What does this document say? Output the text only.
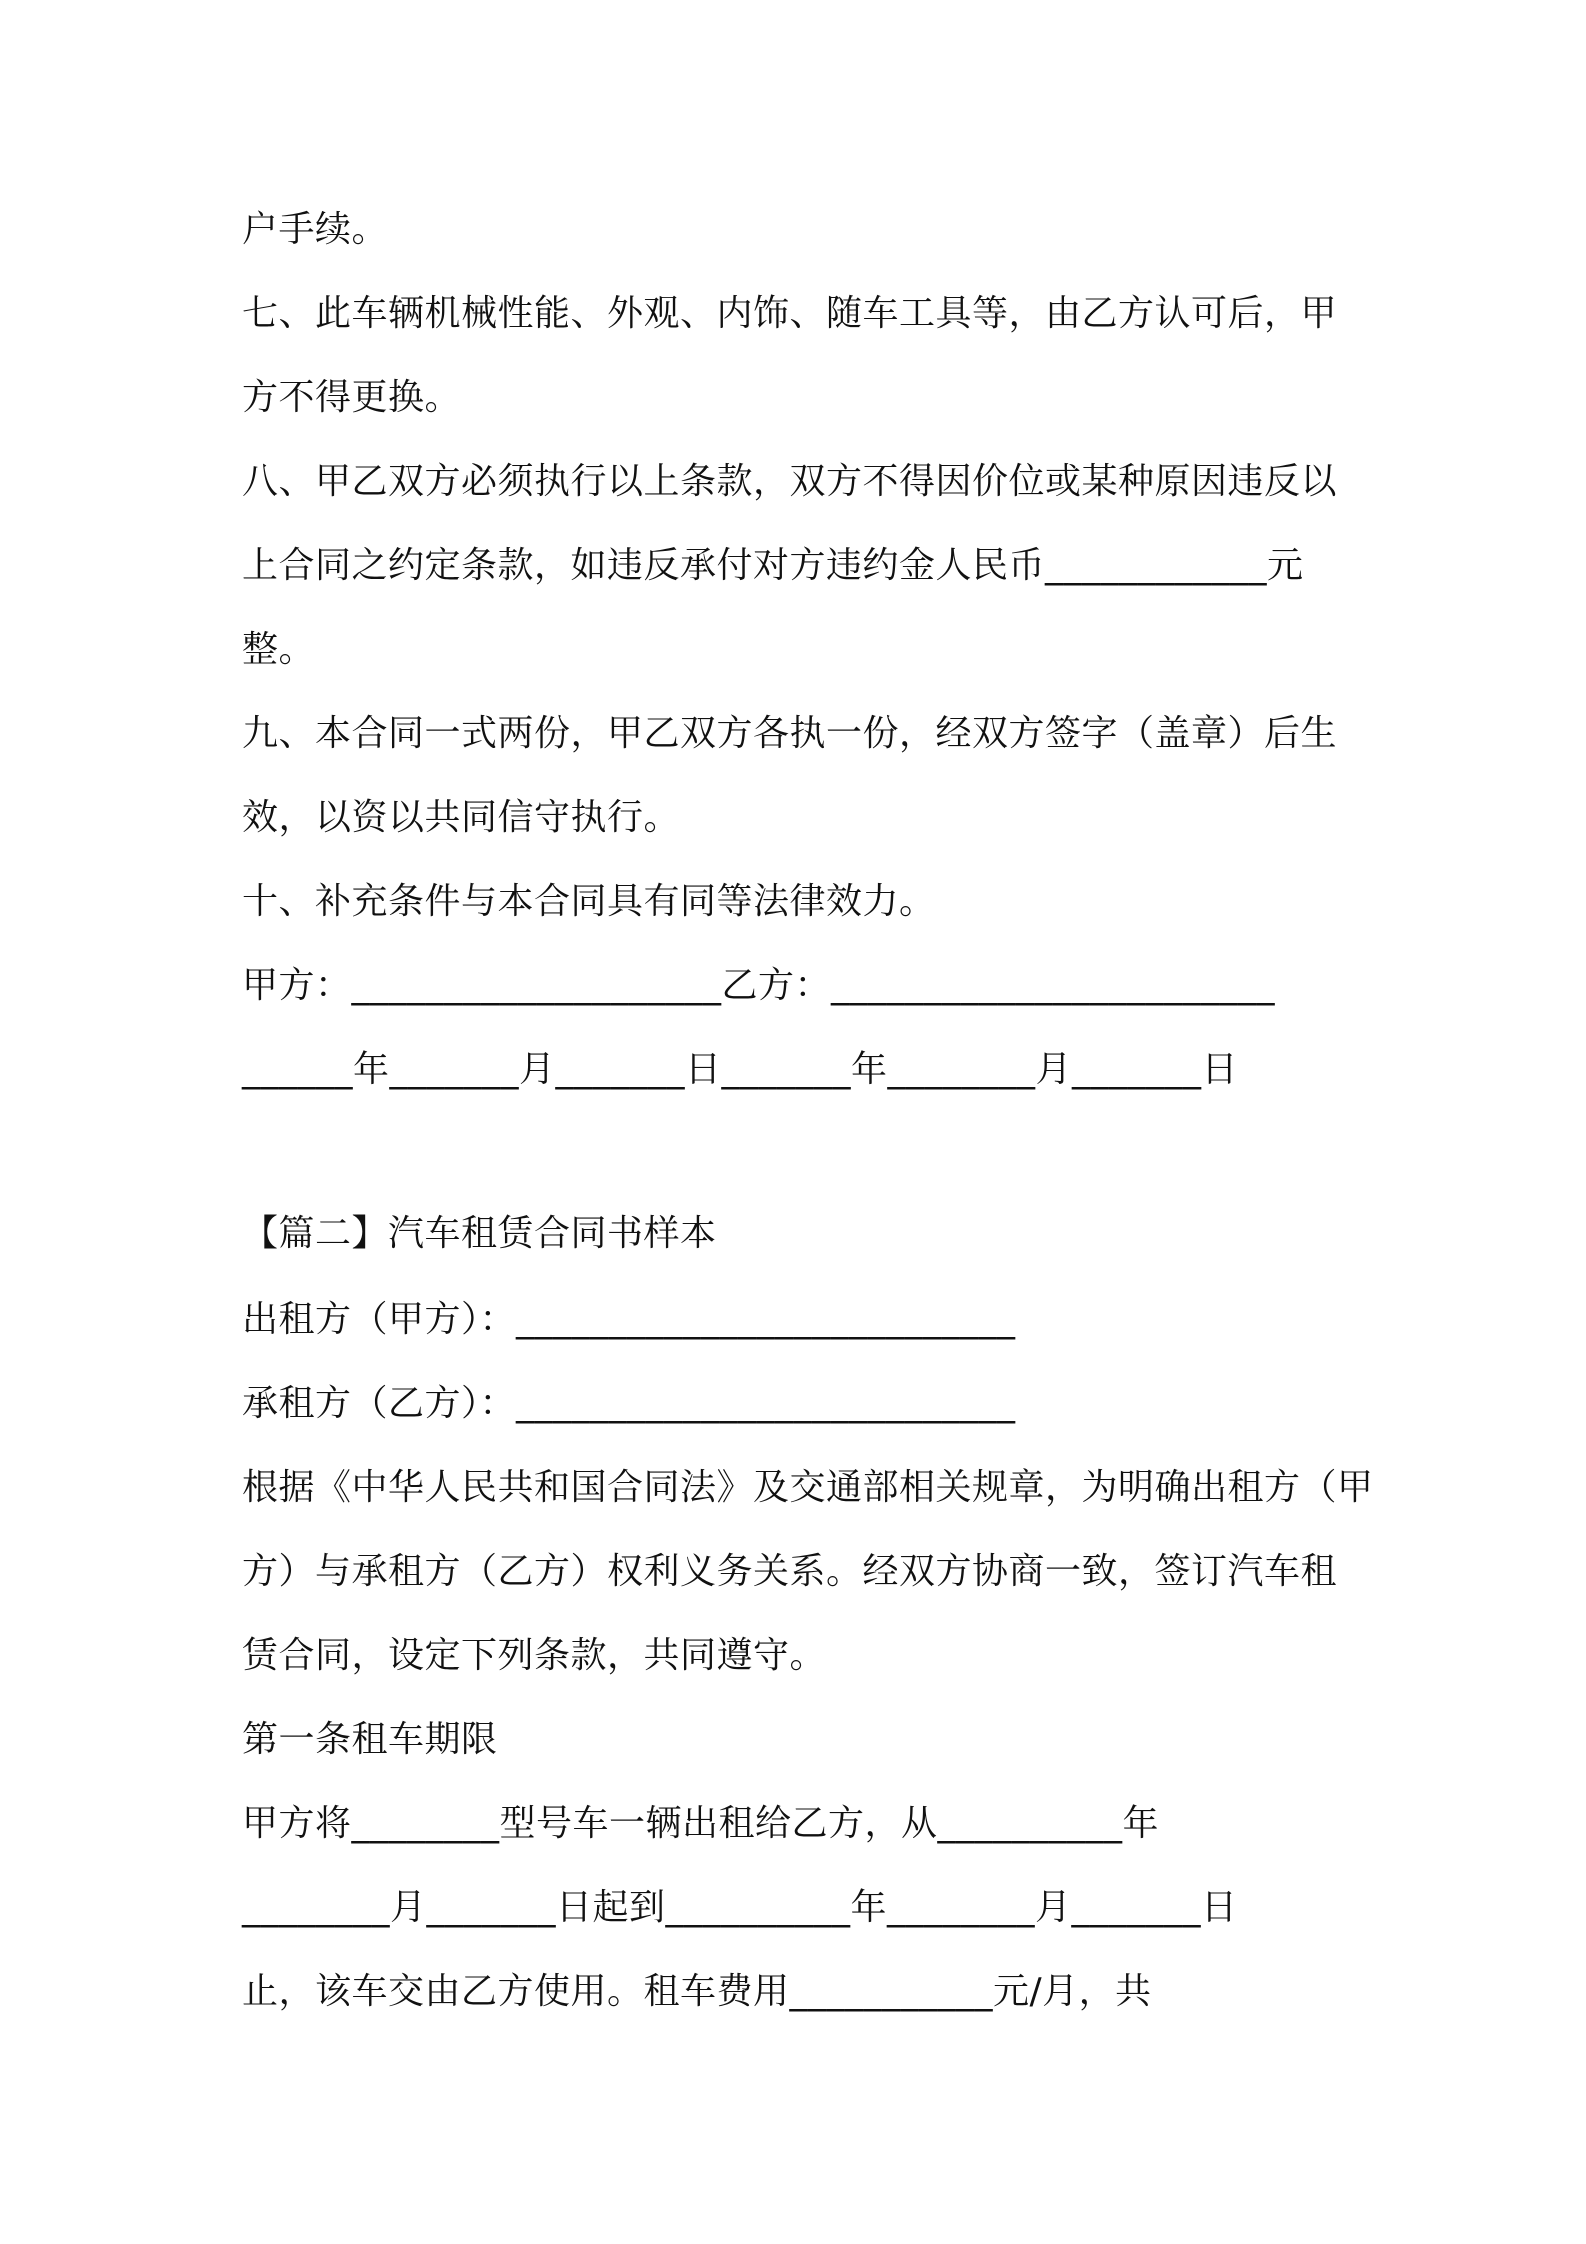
户手续。
七、此车辆机械性能、外观、内饰、随车工具等，由乙方认可后，甲
方不得更换。
八、甲乙双方必须执行以上条款，双方不得因价位或某种原因违反以
上合同之约定条款，如违反承付对方违约金人民币____________元
整。
九、本合同一式两份，甲乙双方各执一份，经双方签字（盖章）后生
效，以资以共同信守执行。
十、补充条件与本合同具有同等法律效力。
甲方：____________________乙方：________________________
______年_______月_______日_______年________月_______日
【篇二】汽车租赁合同书样本
出租方（甲方）：___________________________
承租方（乙方）：___________________________
根据《中华人民共和国合同法》及交通部相关规章，为明确出租方（甲
方）与承租方（乙方）权利义务关系。经双方协商一致，签订汽车租
赁合同，设定下列条款，共同遵守。
第一条租车期限
甲方将________型号车一辆出租给乙方，从__________年
________月_______日起到__________年________月_______日
止，该车交由乙方使用。租车费用___________元/月，共
